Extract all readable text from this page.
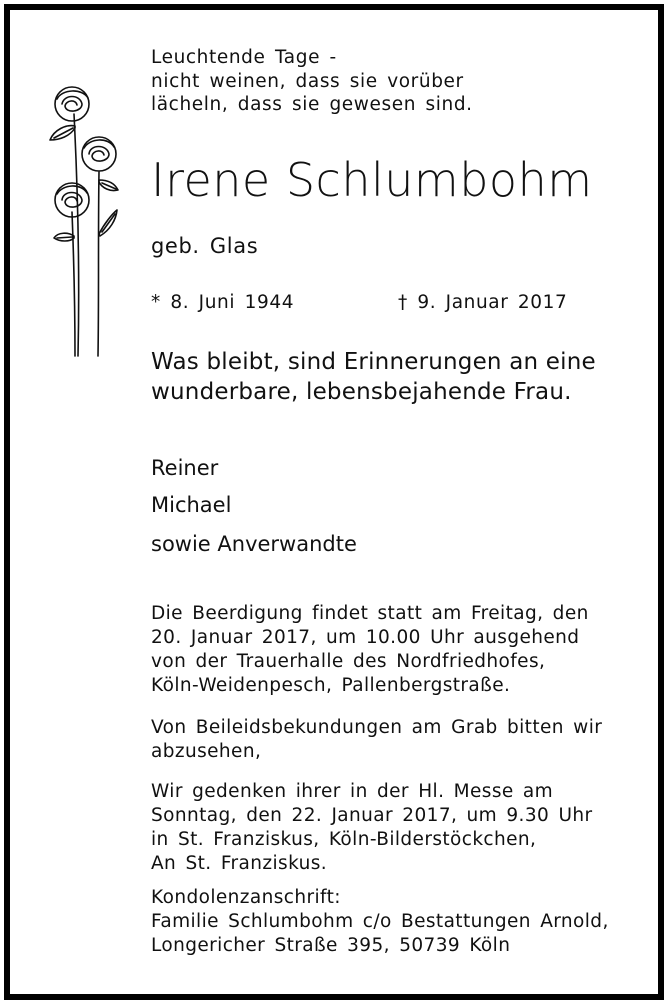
Leuchtende Tage -
nicht weinen, dass sie vorüber
lächeln, dass sie gewesen sind.
Irene Schlumbohm
geb. Glas
* 8. Juni 1944	† 9. Januar 2017
Was bleibt, sind Erinnerungen an eine
wunderbare, lebensbejahende Frau.
Reiner
Michael
sowie Anverwandte
Die Beerdigung findet statt am Freitag, den
20. Januar 2017, um 10.00 Uhr ausgehend
von der Trauerhalle des Nordfriedhofes,
Köln-Weidenpesch, Pallenbergstraße.
Von Beileidsbekundungen am Grab bitten wir
abzusehen,
Wir gedenken ihrer in der Hl. Messe am
Sonntag, den 22. Januar 2017, um 9.30 Uhr
in St. Franziskus, Köln-Bilderstöckchen,
An St. Franziskus.
Kondolenzanschrift:
Familie Schlumbohm c/o Bestattungen Arnold,
Longericher Straße 395, 50739 Köln
